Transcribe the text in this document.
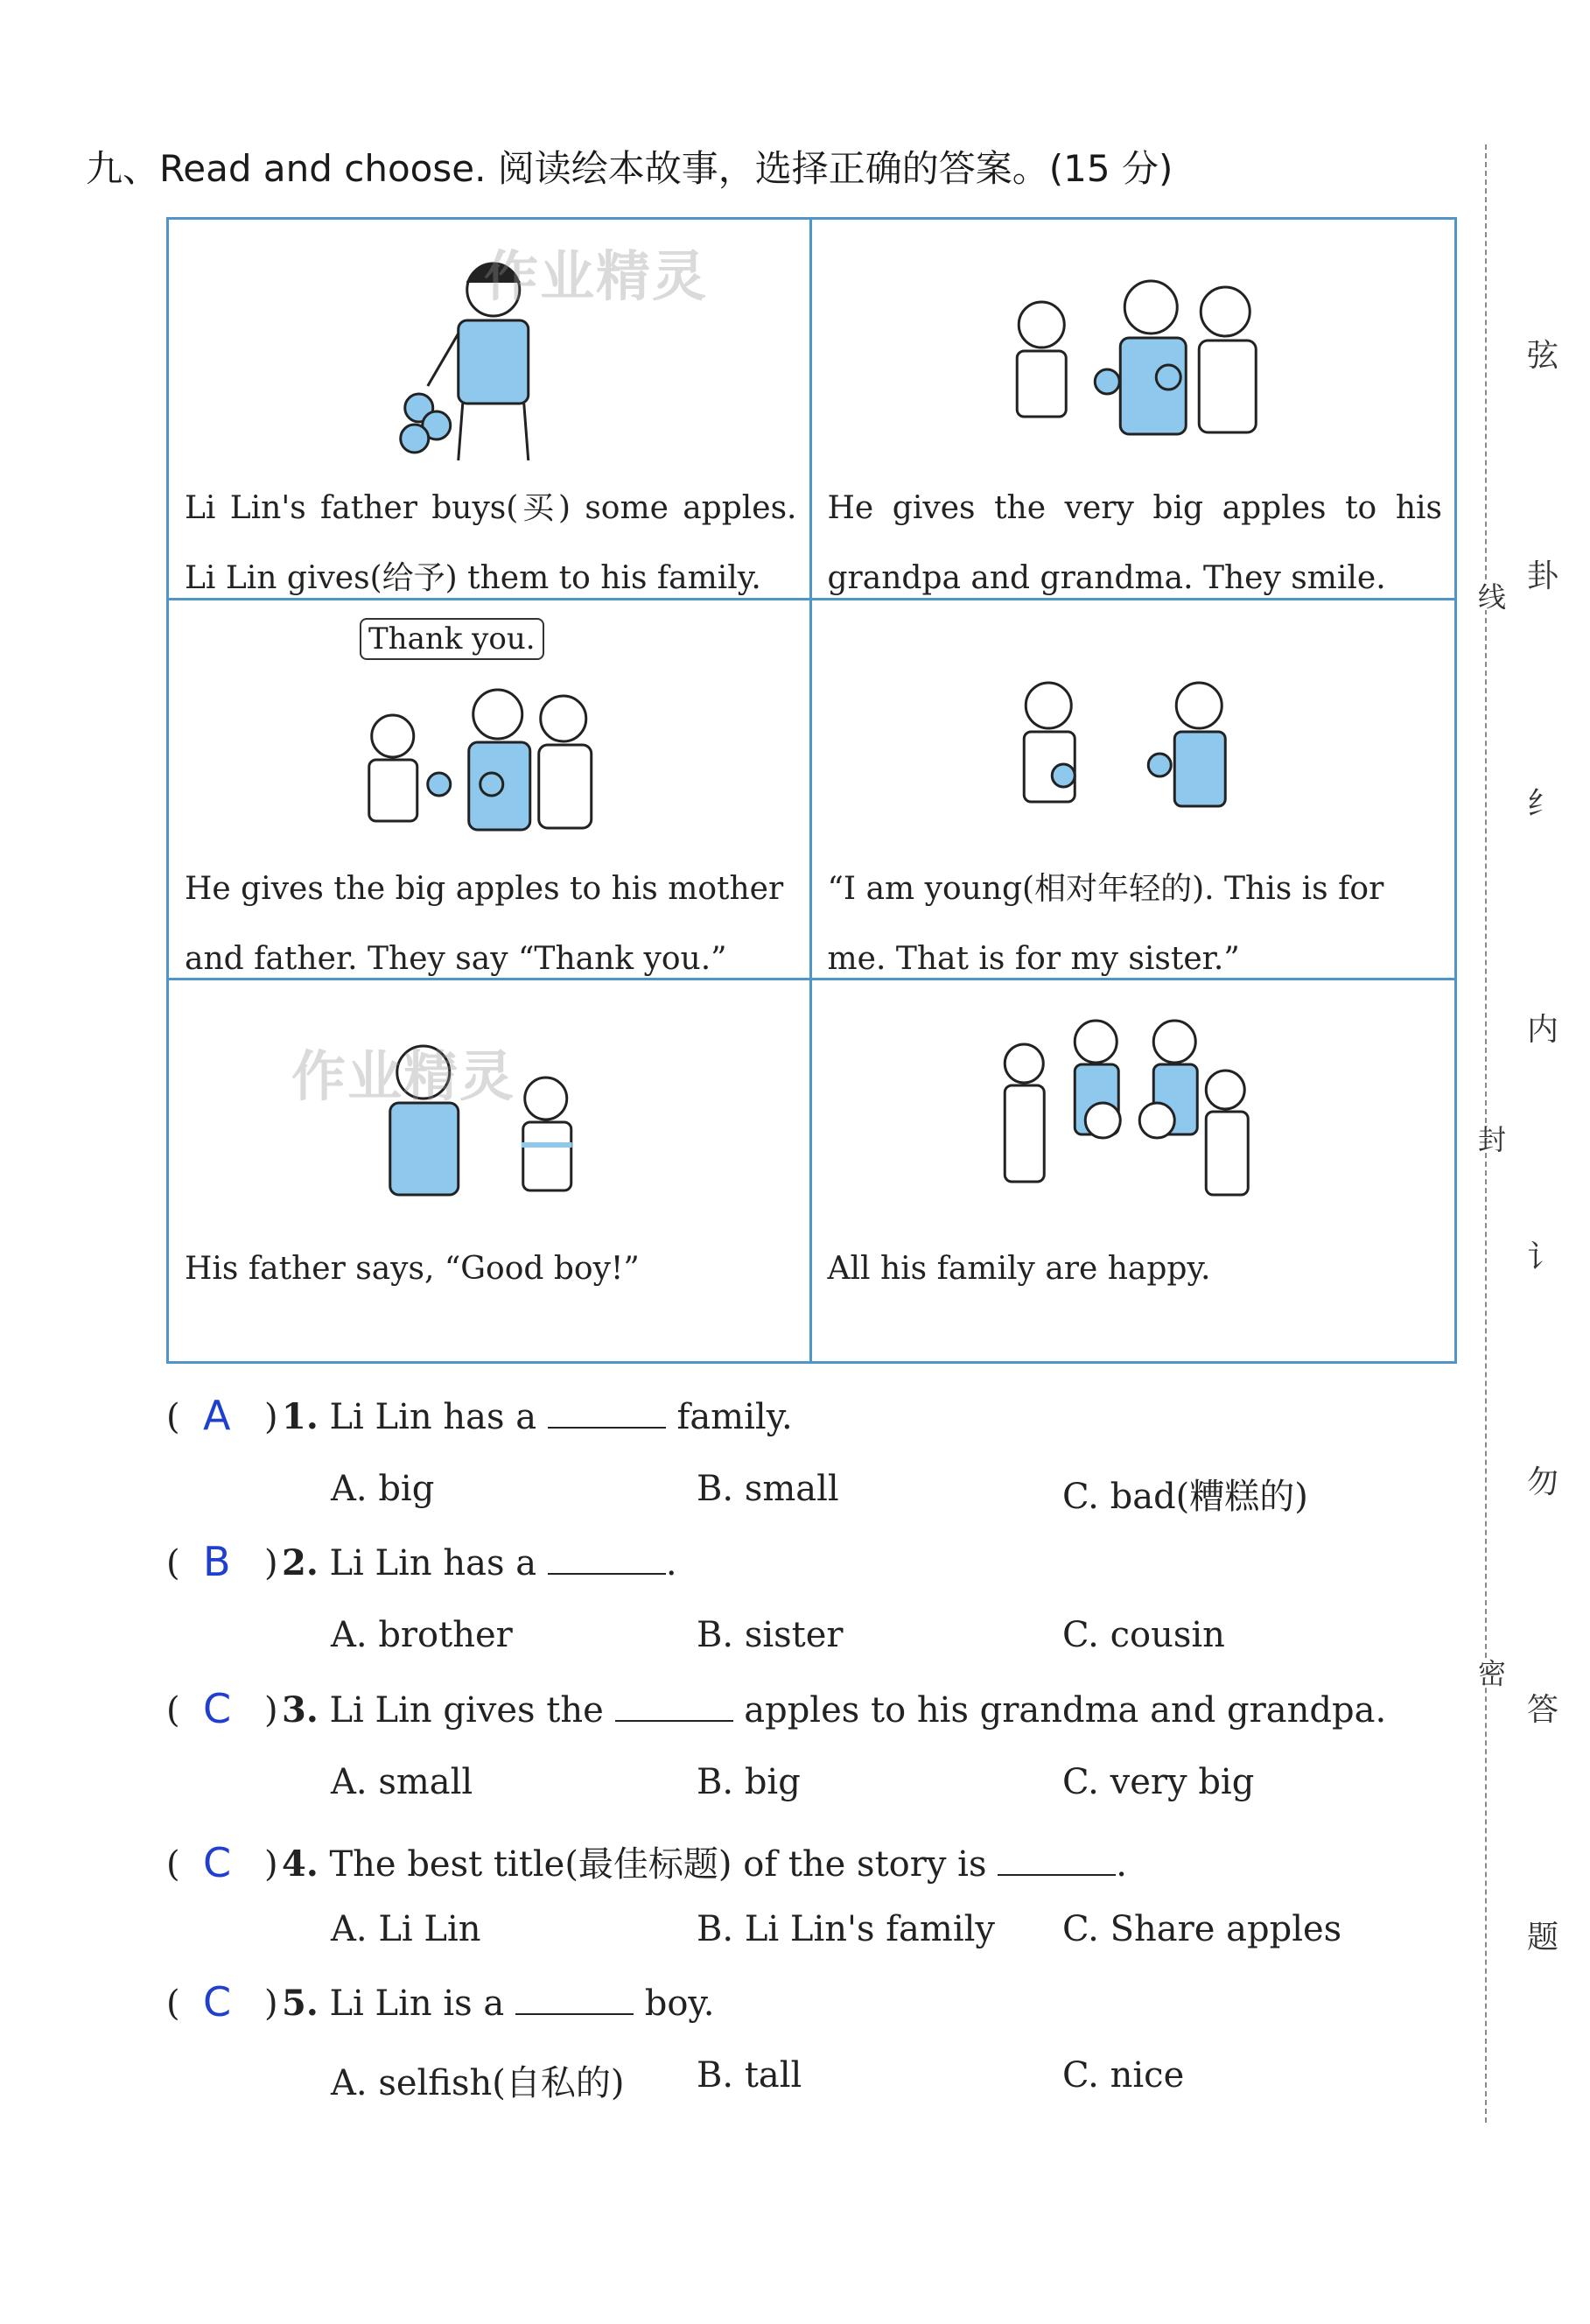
九、Read and choose. 阅读绘本故事，选择正确的答案。(15 分)
作业精灵
Li Lin's father buys(买) some apples. Li Lin gives(给予) them to his family.
He gives the very big apples to his grandpa and grandma. They smile.
Thank you.
He gives the big apples to his mother and father. They say “Thank you.”
“I am young(相对年轻的). This is for me. That is for my sister.”
作业精灵
His father says, “Good boy!”	All his family are happy.
( A ) 1. Li Lin has a	family.
A. big	B. small	C. bad(糟糕的)
( B ) 2. Li Lin has a	.
A. brother	B. sister	C. cousin
( C ) 3. Li Lin gives the	apples to his grandma and grandpa.
A. small	B. big	C. very big
( C ) 4. The best title(最佳标题) of the story is	.
A. Li Lin	B. Li Lin's family C. Share apples
( C ) 5. Li Lin is a	boy.
A. selfish(自私的) B. tall	C. nice
线
封
密
弦
卦
纟
内
讠
勿
答
题
